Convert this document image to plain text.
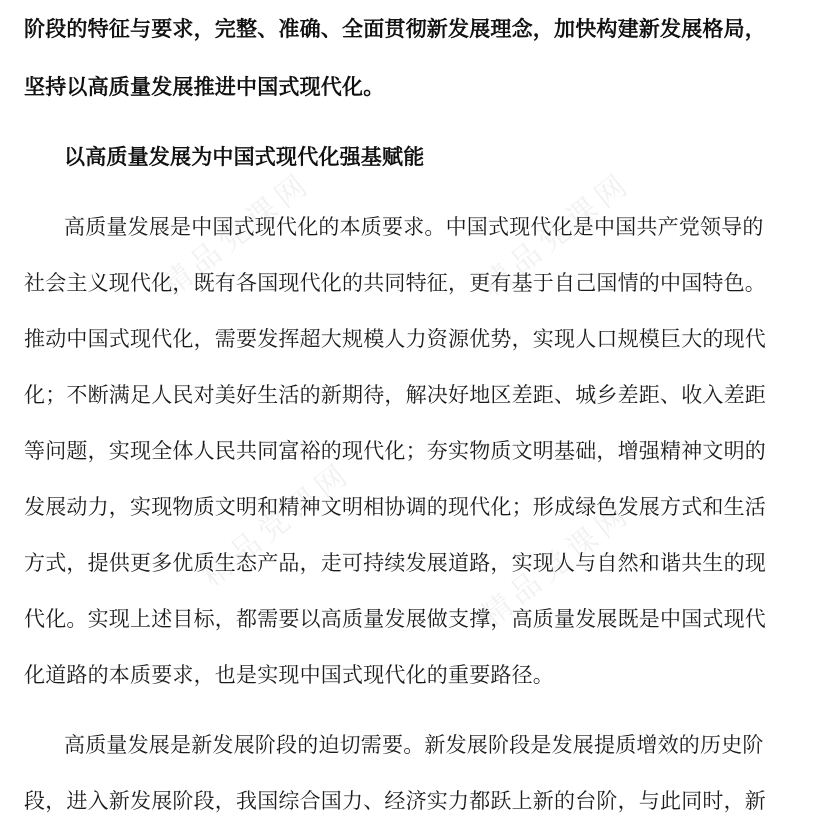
精品党课网	精品党课网
精品党课网	精品党课网
阶段的特征与要求，完整、准确、全面贯彻新发展理念，加快构建新发展格局，
坚持以高质量发展推进中国式现代化。
以高质量发展为中国式现代化强基赋能
高质量发展是中国式现代化的本质要求。中国式现代化是中国共产党领导的
社会主义现代化，既有各国现代化的共同特征，更有基于自己国情的中国特色。
推动中国式现代化，需要发挥超大规模人力资源优势，实现人口规模巨大的现代
化；不断满足人民对美好生活的新期待，解决好地区差距、城乡差距、收入差距
等问题，实现全体人民共同富裕的现代化；夯实物质文明基础，增强精神文明的
发展动力，实现物质文明和精神文明相协调的现代化；形成绿色发展方式和生活
方式，提供更多优质生态产品，走可持续发展道路，实现人与自然和谐共生的现
代化。实现上述目标，都需要以高质量发展做支撑，高质量发展既是中国式现代
化道路的本质要求，也是实现中国式现代化的重要路径。
高质量发展是新发展阶段的迫切需要。新发展阶段是发展提质增效的历史阶
段，进入新发展阶段，我国综合国力、经济实力都跃上新的台阶，与此同时，新
